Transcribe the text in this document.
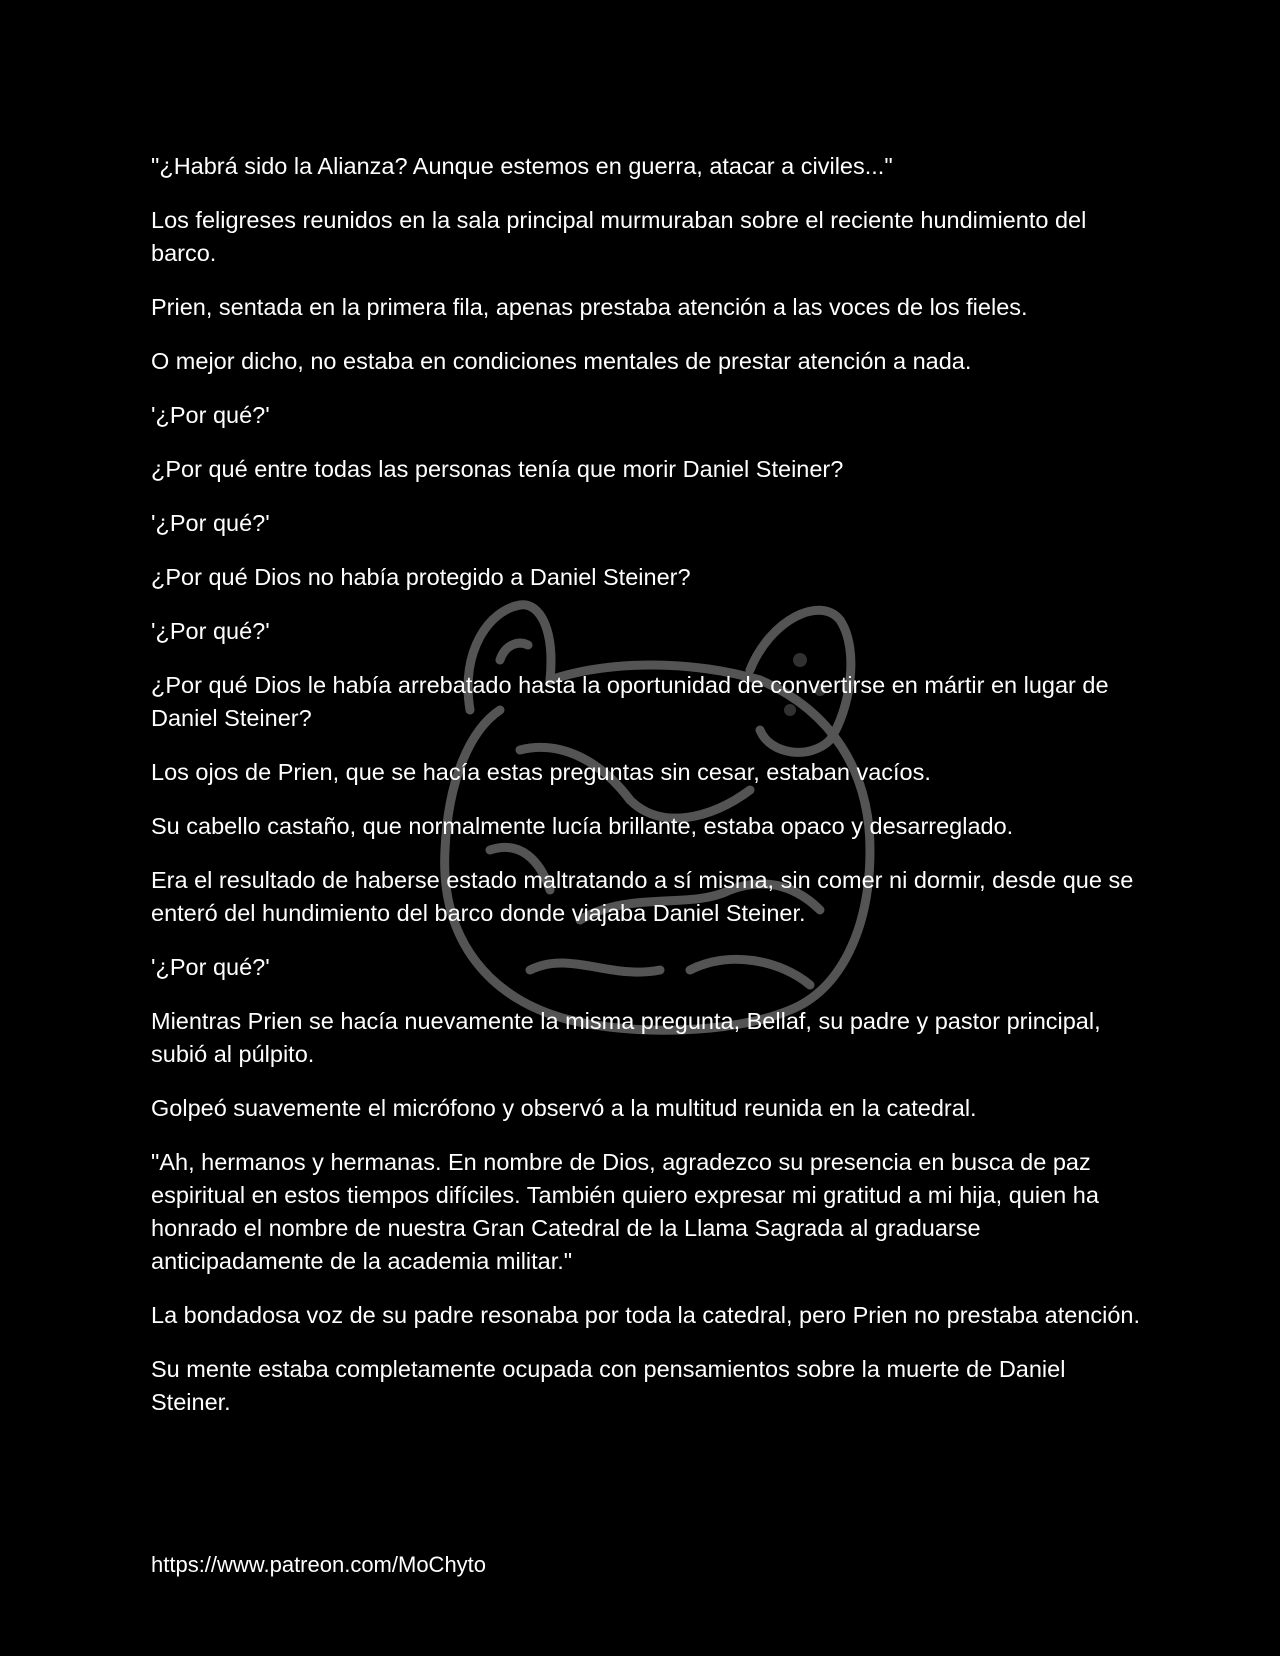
"¿Habrá sido la Alianza? Aunque estemos en guerra, atacar a civiles..."

Los feligreses reunidos en la sala principal murmuraban sobre el reciente hundimiento del barco.

Prien, sentada en la primera fila, apenas prestaba atención a las voces de los fieles.

O mejor dicho, no estaba en condiciones mentales de prestar atención a nada.

'¿Por qué?'

¿Por qué entre todas las personas tenía que morir Daniel Steiner?

'¿Por qué?'

¿Por qué Dios no había protegido a Daniel Steiner?

'¿Por qué?'

¿Por qué Dios le había arrebatado hasta la oportunidad de convertirse en mártir en lugar de Daniel Steiner?

Los ojos de Prien, que se hacía estas preguntas sin cesar, estaban vacíos.

Su cabello castaño, que normalmente lucía brillante, estaba opaco y desarreglado.

Era el resultado de haberse estado maltratando a sí misma, sin comer ni dormir, desde que se enteró del hundimiento del barco donde viajaba Daniel Steiner.

'¿Por qué?'

Mientras Prien se hacía nuevamente la misma pregunta, Bellaf, su padre y pastor principal, subió al púlpito.

Golpeó suavemente el micrófono y observó a la multitud reunida en la catedral.

"Ah, hermanos y hermanas. En nombre de Dios, agradezco su presencia en busca de paz espiritual en estos tiempos difíciles. También quiero expresar mi gratitud a mi hija, quien ha honrado el nombre de nuestra Gran Catedral de la Llama Sagrada al graduarse anticipadamente de la academia militar."

La bondadosa voz de su padre resonaba por toda la catedral, pero Prien no prestaba atención.

Su mente estaba completamente ocupada con pensamientos sobre la muerte de Daniel Steiner.

https://www.patreon.com/MoChyto
